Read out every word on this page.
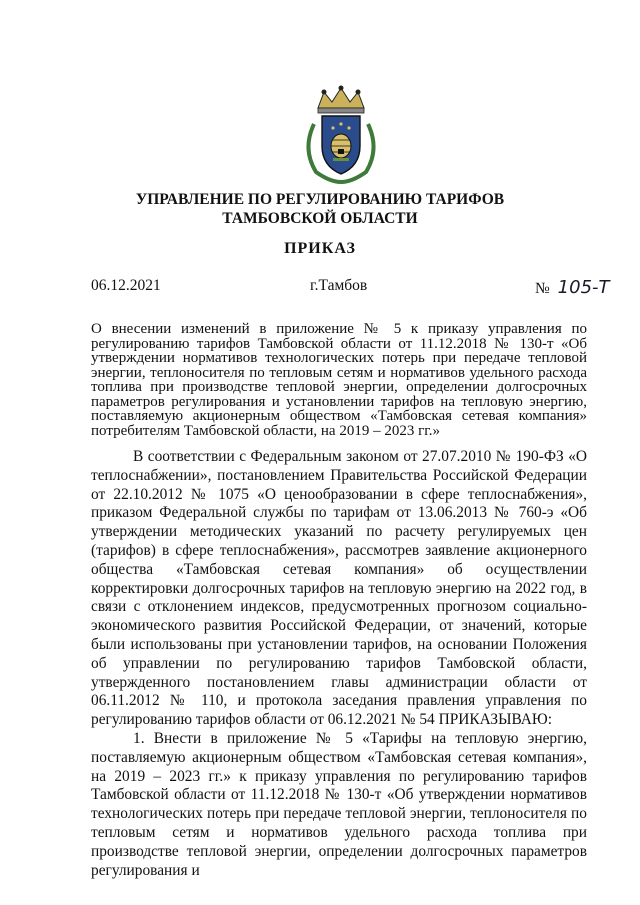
УПРАВЛЕНИЕ ПО РЕГУЛИРОВАНИЮ ТАРИФОВ
ТАМБОВСКОЙ ОБЛАСТИ
ПРИКАЗ
06.12.2021	г.Тамбов	№ 105-Т
О внесении изменений в приложение № 5 к приказу управления по регулированию тарифов Тамбовской области от 11.12.2018 № 130-т «Об утверждении нормативов технологических потерь при передаче тепловой энергии, теплоносителя по тепловым сетям и нормативов удельного расхода топлива при производстве тепловой энергии, определении долгосрочных параметров регулирования и установлении тарифов на тепловую энергию, поставляемую акционерным обществом «Тамбовская сетевая компания» потребителям Тамбовской области, на 2019 – 2023 гг.»

В соответствии с Федеральным законом от 27.07.2010 № 190-ФЗ «О теплоснабжении», постановлением Правительства Российской Федерации от 22.10.2012 № 1075 «О ценообразовании в сфере теплоснабжения», приказом Федеральной службы по тарифам от 13.06.2013 № 760-э «Об утверждении методических указаний по расчету регулируемых цен (тарифов) в сфере теплоснабжения», рассмотрев заявление акционерного общества «Тамбовская сетевая компания» об осуществлении корректировки долгосрочных тарифов на тепловую энергию на 2022 год, в связи с отклонением индексов, предусмотренных прогнозом социально-экономического развития Российской Федерации, от значений, которые были использованы при установлении тарифов, на основании Положения об управлении по регулированию тарифов Тамбовской области, утвержденного постановлением главы администрации области от 06.11.2012 № 110, и протокола заседания правления управления по регулированию тарифов области от 06.12.2021 № 54 ПРИКАЗЫВАЮ:

1. Внести в приложение № 5 «Тарифы на тепловую энергию, поставляемую акционерным обществом «Тамбовская сетевая компания», на 2019 – 2023 гг.» к приказу управления по регулированию тарифов Тамбовской области от 11.12.2018 № 130-т «Об утверждении нормативов технологических потерь при передаче тепловой энергии, теплоносителя по тепловым сетям и нормативов удельного расхода топлива при производстве тепловой энергии, определении долгосрочных параметров регулирования и
